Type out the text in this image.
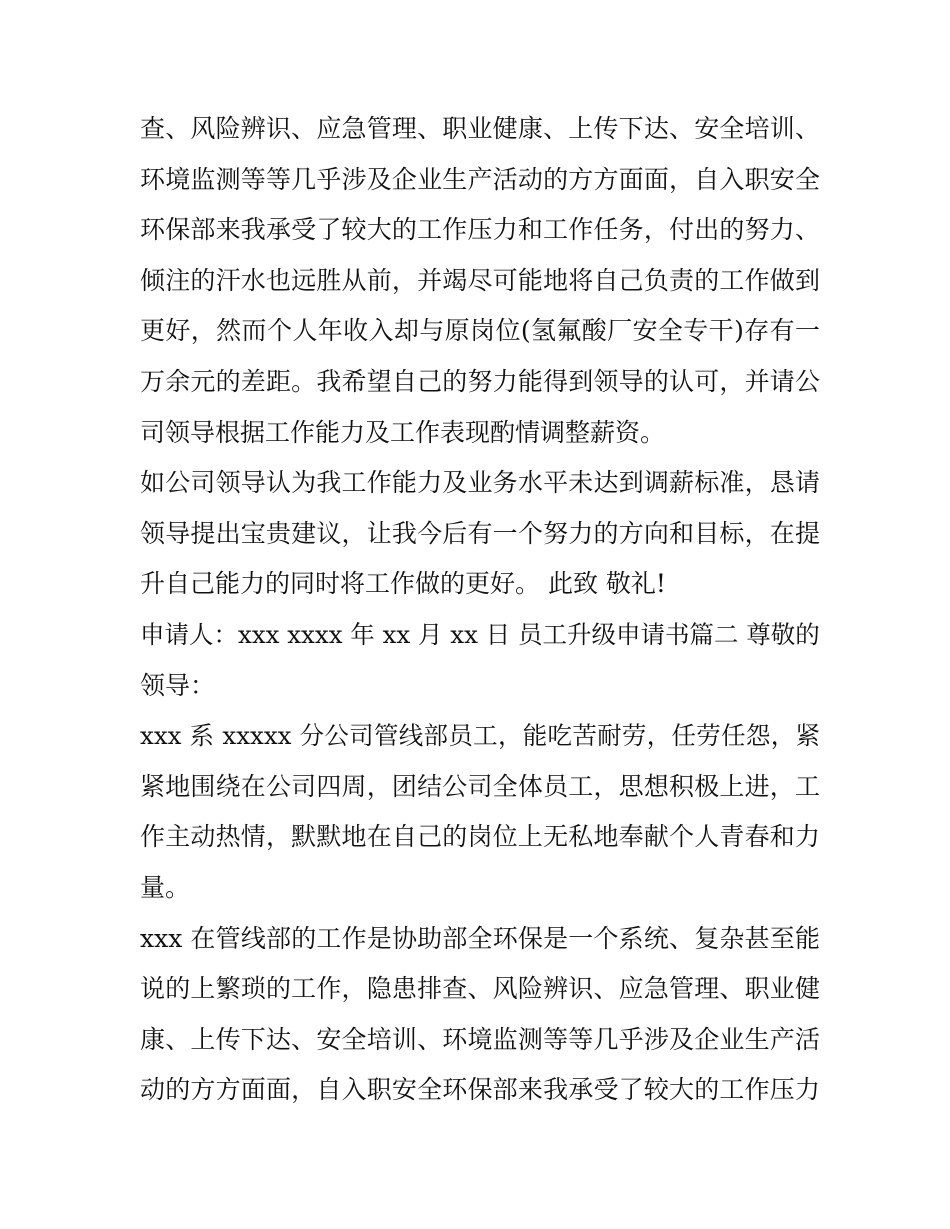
查、风险辨识、应急管理、职业健康、上传下达、安全培训、
环境监测等等几乎涉及企业生产活动的方方面面，自入职安全
环保部来我承受了较大的工作压力和工作任务，付出的努力、
倾注的汗水也远胜从前，并竭尽可能地将自己负责的工作做到
更好，然而个人年收入却与原岗位(氢氟酸厂安全专干)存有一
万余元的差距。我希望自己的努力能得到领导的认可，并请公
司领导根据工作能力及工作表现酌情调整薪资。
如公司领导认为我工作能力及业务水平未达到调薪标准，恳请
领导提出宝贵建议，让我今后有一个努力的方向和目标，在提
升自己能力的同时将工作做的更好。 此致 敬礼!
申请人：xxx xxxx 年 xx 月 xx 日 员工升级申请书篇二 尊敬的
领导：
xxx 系 xxxxx 分公司管线部员工，能吃苦耐劳，任劳任怨，紧
紧地围绕在公司四周，团结公司全体员工，思想积极上进，工
作主动热情，默默地在自己的岗位上无私地奉献个人青春和力
量。
xxx 在管线部的工作是协助部全环保是一个系统、复杂甚至能
说的上繁琐的工作，隐患排查、风险辨识、应急管理、职业健
康、上传下达、安全培训、环境监测等等几乎涉及企业生产活
动的方方面面，自入职安全环保部来我承受了较大的工作压力
